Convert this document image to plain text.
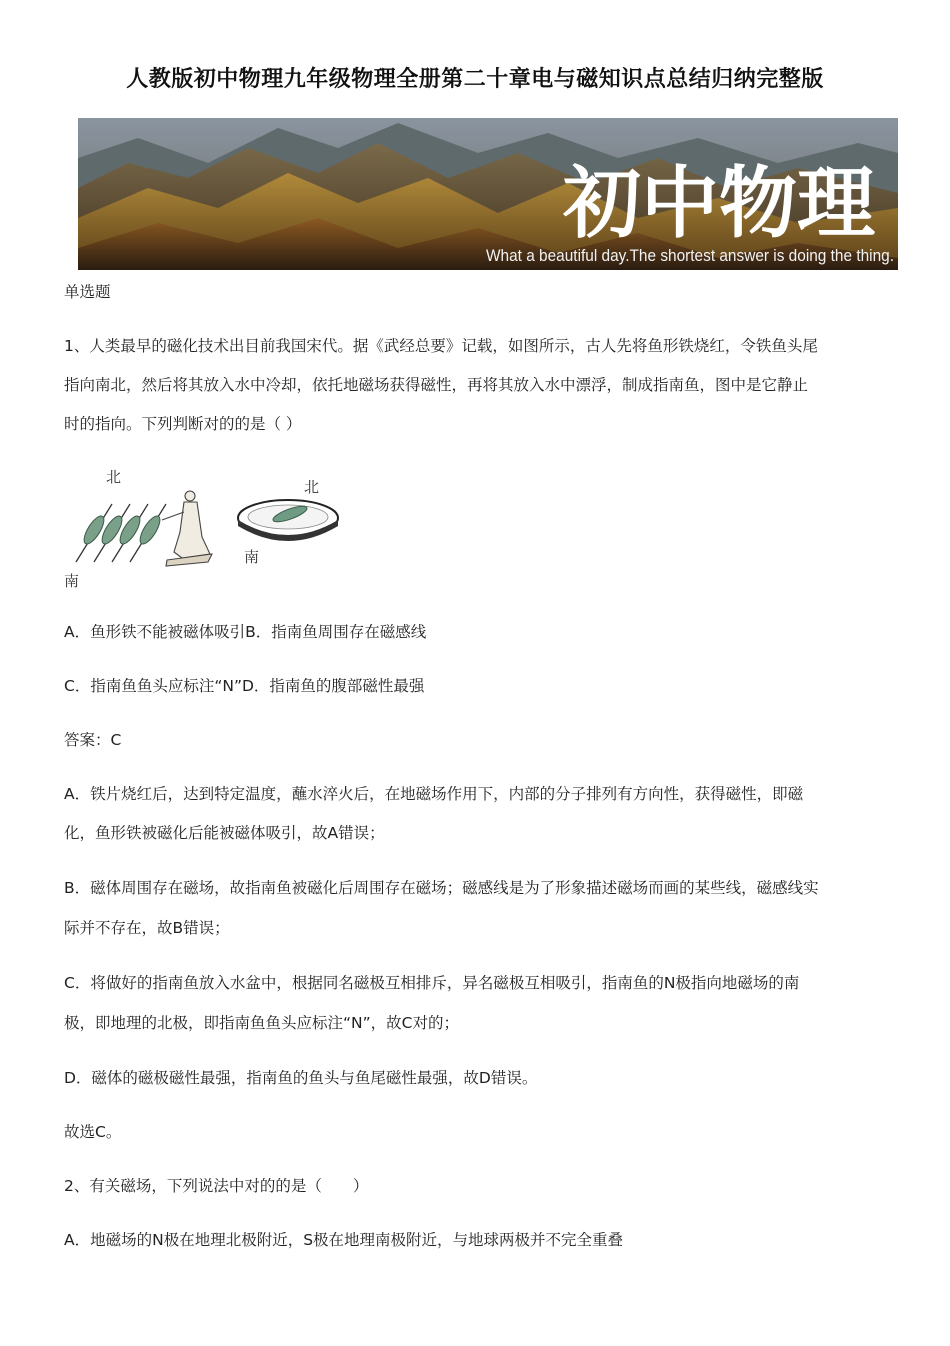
人教版初中物理九年级物理全册第二十章电与磁知识点总结归纳完整版
初中物理
What a beautiful day.The shortest answer is doing the thing.
单选题
1、人类最早的磁化技术出目前我国宋代。据《武经总要》记载，如图所示，古人先将鱼形铁烧红，令铁鱼头尾
指向南北，然后将其放入水中冷却，依托地磁场获得磁性，再将其放入水中漂浮，制成指南鱼，图中是它静止
时的指向。下列判断对的的是（ ）
北
南
北
南
A．鱼形铁不能被磁体吸引B．指南鱼周围存在磁感线
C．指南鱼鱼头应标注“N”D．指南鱼的腹部磁性最强
答案：C
A．铁片烧红后，达到特定温度，蘸水淬火后，在地磁场作用下，内部的分子排列有方向性，获得磁性，即磁
化，鱼形铁被磁化后能被磁体吸引，故A错误；
B．磁体周围存在磁场，故指南鱼被磁化后周围存在磁场；磁感线是为了形象描述磁场而画的某些线，磁感线实
际并不存在，故B错误；
C．将做好的指南鱼放入水盆中，根据同名磁极互相排斥，异名磁极互相吸引，指南鱼的N极指向地磁场的南
极，即地理的北极，即指南鱼鱼头应标注“N”，故C对的；
D．磁体的磁极磁性最强，指南鱼的鱼头与鱼尾磁性最强，故D错误。
故选C。
2、有关磁场，下列说法中对的的是（　　）
A．地磁场的N极在地理北极附近，S极在地理南极附近，与地球两极并不完全重叠
